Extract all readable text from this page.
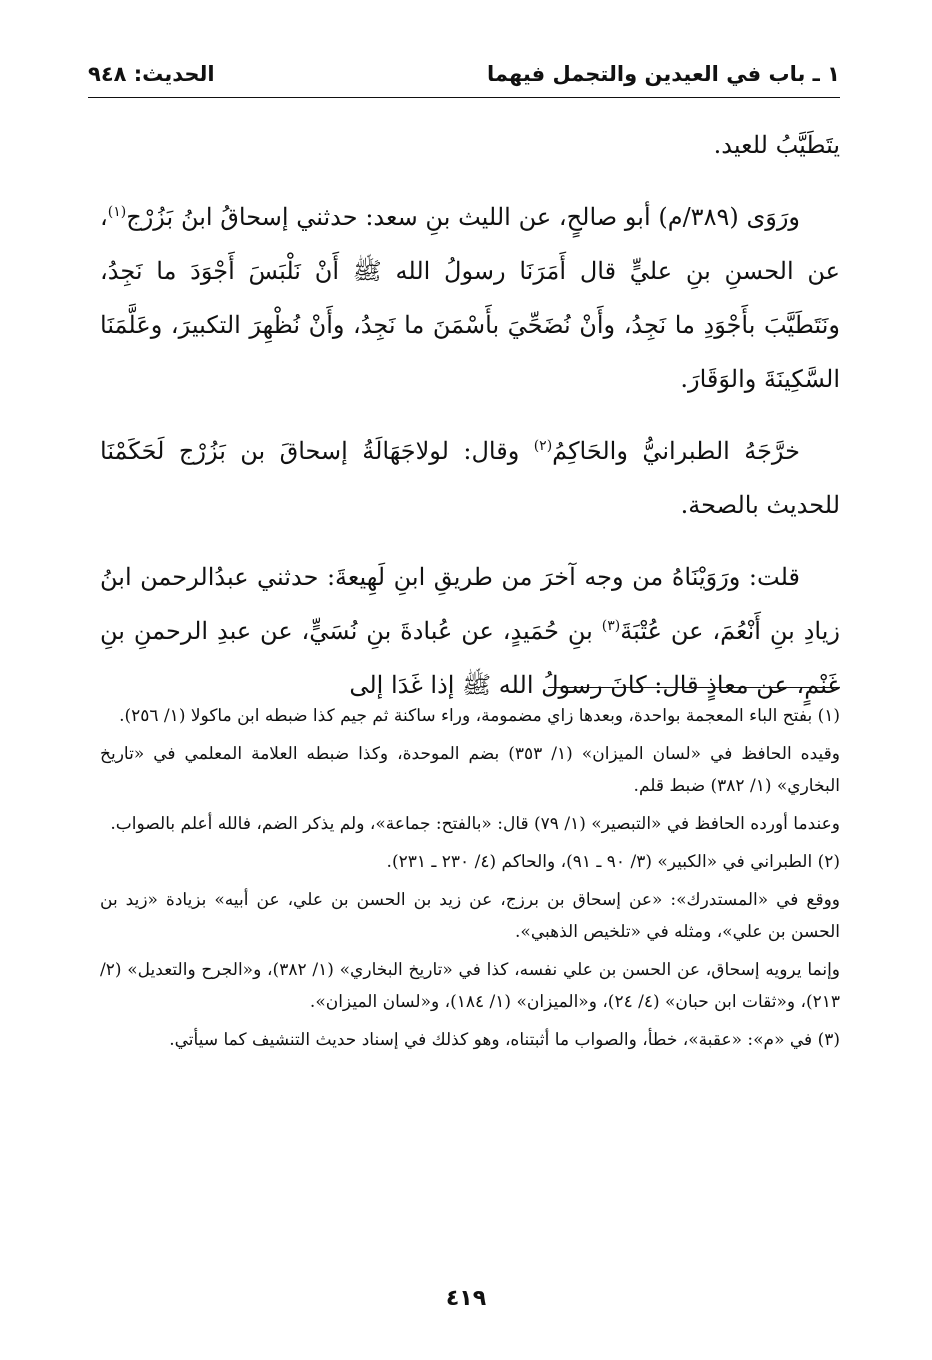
١ ـ باب في العيدين والتجمل فيهما
الحديث: ٩٤٨

يتَطَيَّبُ للعيد.

ورَوَى (٣٨٩/م) أبو صالحٍ، عن الليث بنِ سعد: حدثني إسحاقُ ابنُ بَزُرْج$^{(١)}$، عن الحسنِ بنِ عليٍّ قال أَمَرَنَا رسولُ الله ﷺ أَنْ نَلْبَسَ أَجْوَدَ ما نَجِدُ، ونَتَطَيَّبَ بأَجْوَدِ ما نَجِدُ، وأَنْ نُضَحِّيَ بأَسْمَنَ ما نَجِدُ، وأَنْ نُظْهِرَ التكبيرَ، وعَلَّمَنَا السَّكِينَةَ والوَقَارَ.

خرَّجَهُ الطبرانيُّ والحَاكِمُ$^{(٢)}$ وقال: لولاجَهَالَةُ إسحاقَ بن بَزُرْج لَحَكَمْنَا للحديث بالصحة.

قلت: ورَوَيْنَاهُ من وجه آخرَ من طريقِ ابنِ لَهِيعةَ: حدثني عبدُالرحمن ابنُ زيادِ بنِ أَنْعُمَ، عن عُتْبَةَ$^{(٣)}$ بنِ حُمَيدٍ، عن عُبادةَ بنِ نُسَيٍّ، عن عبدِ الرحمنِ بنِ غَنْمٍ، عن معاذٍ قال: كانَ رسولُ الله ﷺ إذا غَدَا إلى

(١) بفتح الباء المعجمة بواحدة، وبعدها زاي مضمومة، وراء ساكنة ثم جيم كذا ضبطه ابن ماكولا (١/ ٢٥٦).

وقيده الحافظ في «لسان الميزان» (١/ ٣٥٣) بضم الموحدة، وكذا ضبطه العلامة المعلمي في «تاريخ البخاري» (١/ ٣٨٢) ضبط قلم.

وعندما أورده الحافظ في «التبصير» (١/ ٧٩) قال: «بالفتح: جماعة»، ولم يذكر الضم، فالله أعلم بالصواب.

(٢) الطبراني في «الكبير» (٣/ ٩٠ ـ ٩١)، والحاكم (٤/ ٢٣٠ ـ ٢٣١).

ووقع في «المستدرك»: «عن إسحاق بن برزج، عن زيد بن الحسن بن علي، عن أبيه» بزيادة «زيد بن الحسن بن علي»، ومثله في «تلخيص الذهبي».

وإنما يرويه إسحاق، عن الحسن بن علي نفسه، كذا في «تاريخ البخاري» (١/ ٣٨٢)، و«الجرح والتعديل» (٢/ ٢١٣)، و«ثقات ابن حبان» (٤/ ٢٤)، و«الميزان» (١/ ١٨٤)، و«لسان الميزان».

(٣) في «م»: «عقبة»، خطأ، والصواب ما أثبتناه، وهو كذلك في إسناد حديث التنشيف كما سيأتي.

٤١٩
